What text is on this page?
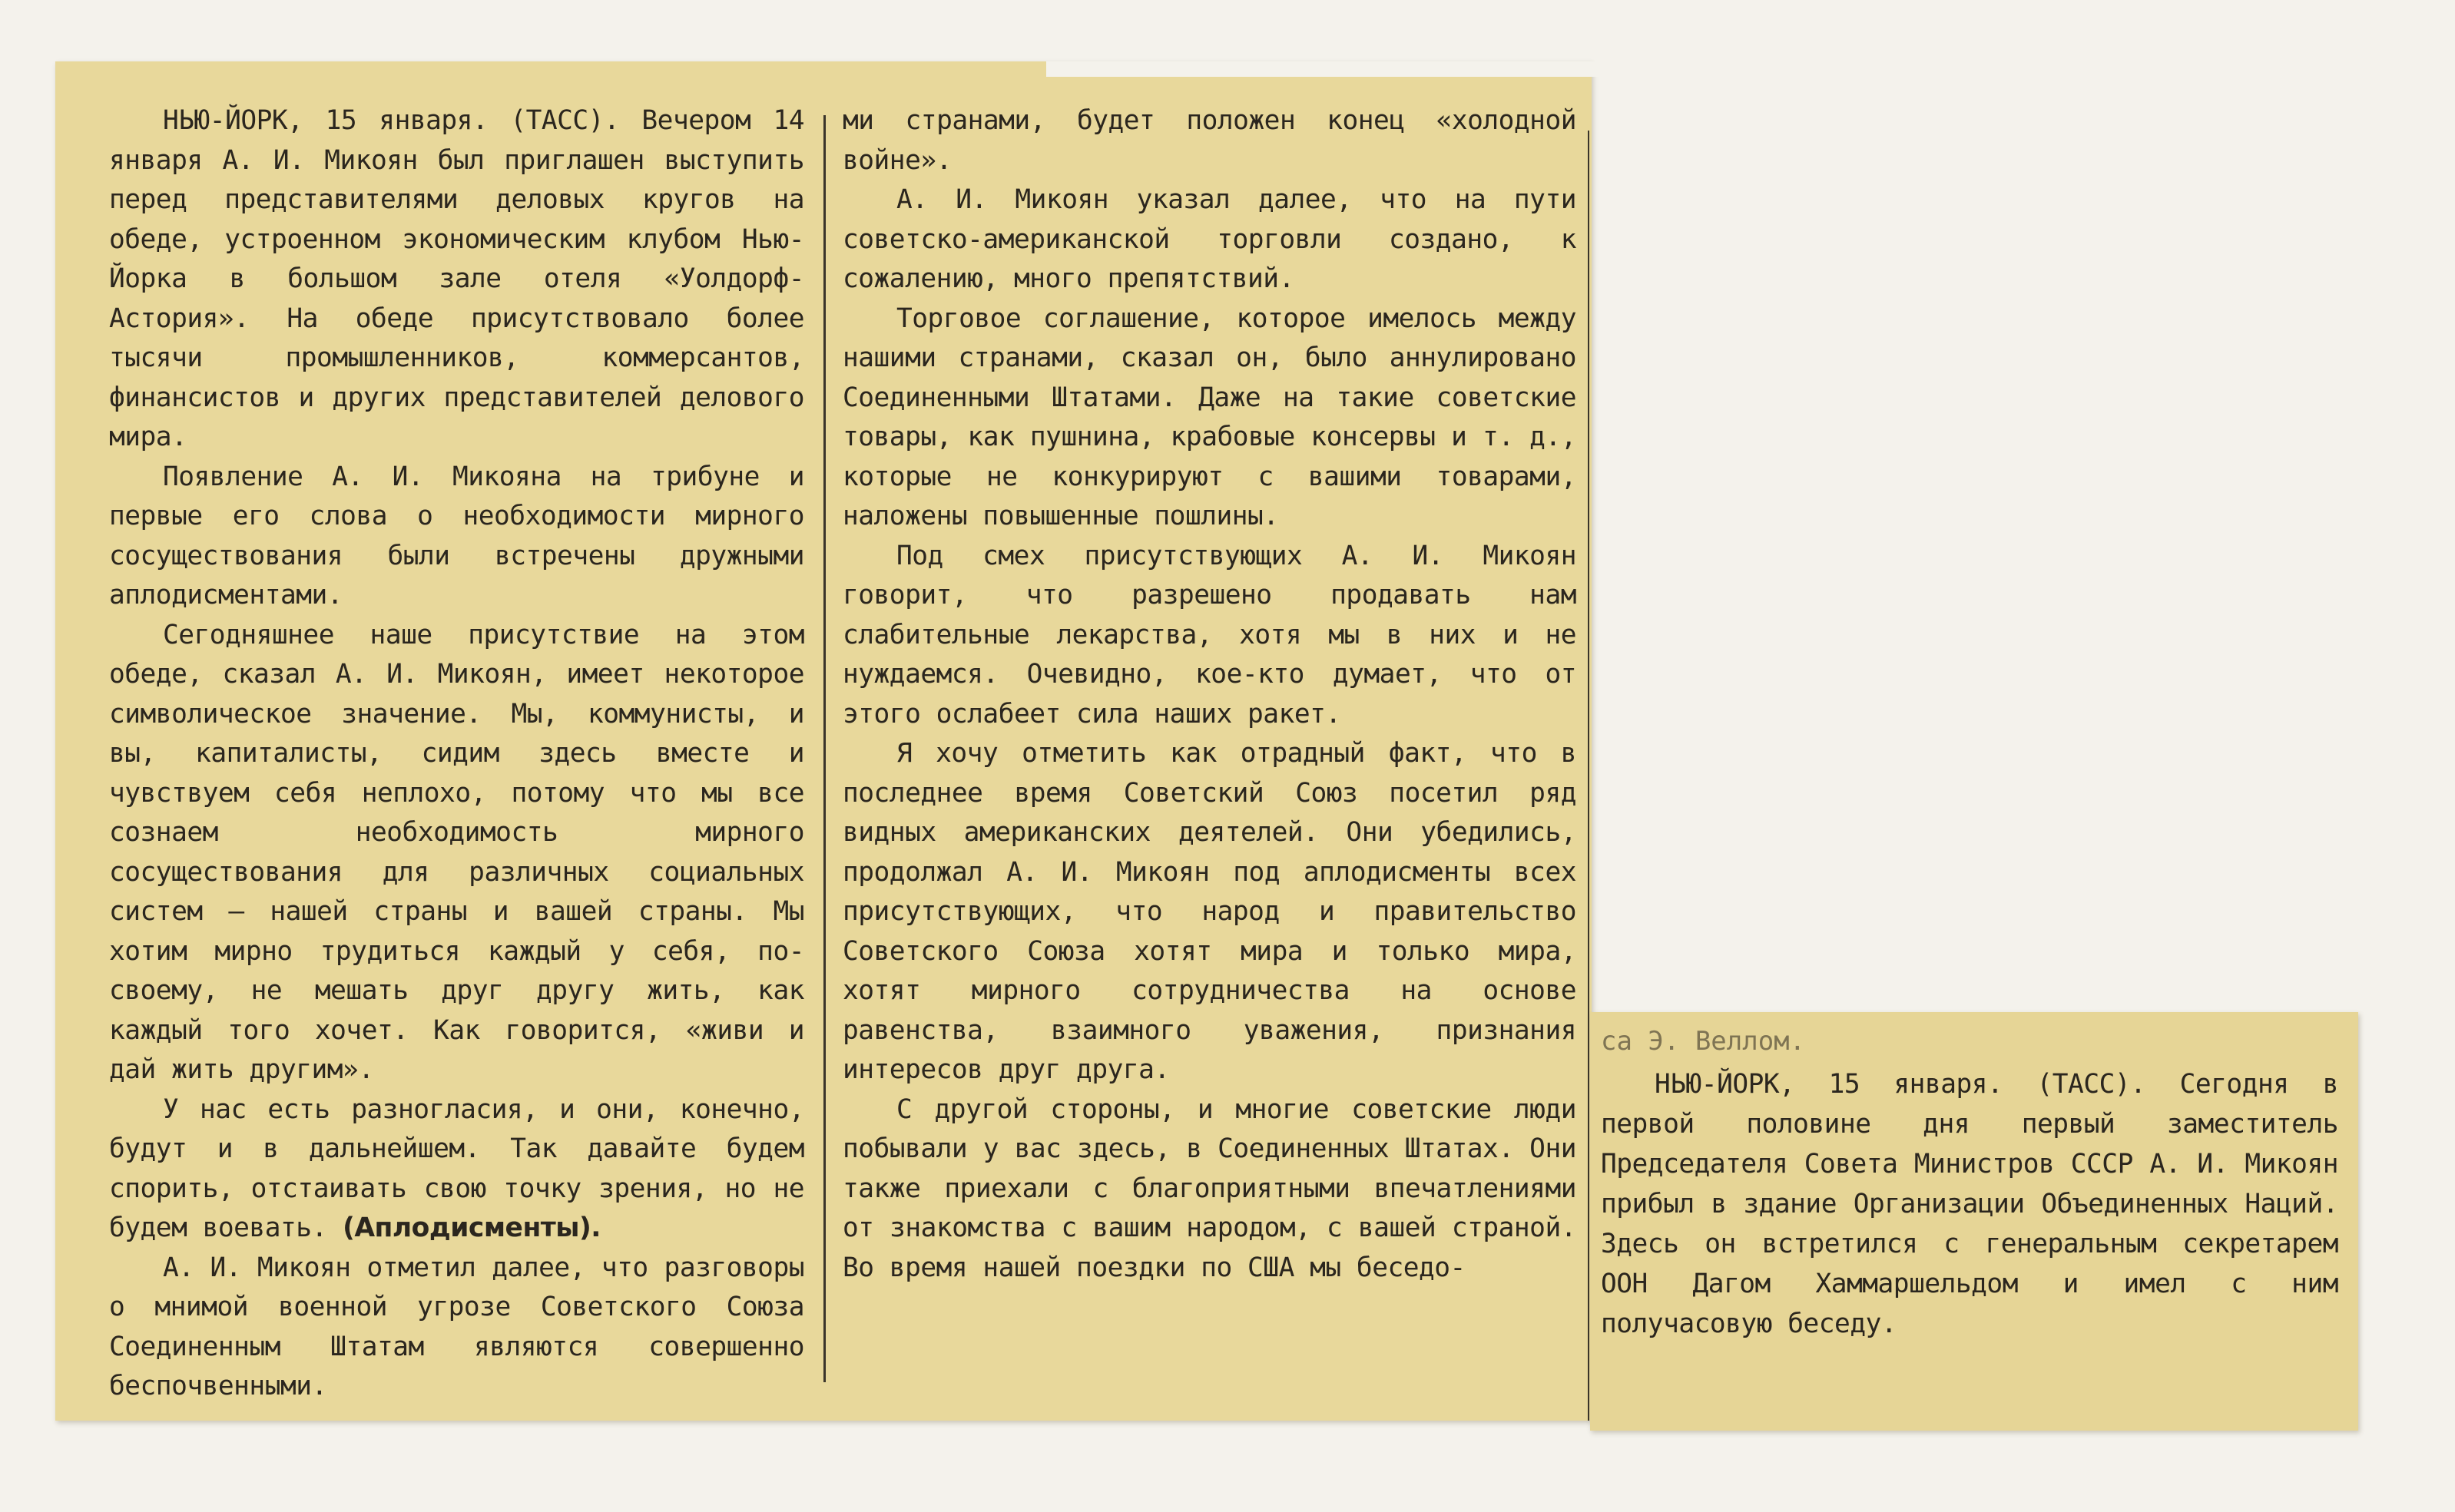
НЬЮ-ЙОРК, 15 января. (ТАСС). Вечером 14 января А. И. Микоян был приглашен выступить перед представителями деловых кругов на обеде, устроенном экономическим клубом Нью-Йорка в большом зале отеля «Уолдорф-Астория». На обеде присутствовало более тысячи промышленников, коммерсантов, финансистов и других представителей делового мира.

Появление А. И. Микояна на трибуне и первые его слова о необходимости мирного сосуществования были встречены дружными аплодисментами.

Сегодняшнее наше присутствие на этом обеде, сказал А. И. Микоян, имеет некоторое символическое значение. Мы, коммунисты, и вы, капиталисты, сидим здесь вместе и чувствуем себя неплохо, потому что мы все сознаем необходимость мирного сосуществования для различных социальных систем — нашей страны и вашей страны. Мы хотим мирно трудиться каждый у себя, по-своему, не мешать друг другу жить, как каждый того хочет. Как говорится, «живи и дай жить другим».

У нас есть разногласия, и они, конечно, будут и в дальнейшем. Так давайте будем спорить, отстаивать свою точку зрения, но не будем воевать. (Аплодисменты).

А. И. Микоян отметил далее, что разговоры о мнимой военной угрозе Советского Союза Соединенным Штатам являются совершенно беспочвенными.

ми странами, будет положен конец «холодной войне».

А. И. Микоян указал далее, что на пути советско-американской торговли создано, к сожалению, много препятствий.

Торговое соглашение, которое имелось между нашими странами, сказал он, было аннулировано Соединенными Штатами. Даже на такие советские товары, как пушнина, крабовые консервы и т. д., которые не конкурируют с вашими товарами, наложены повышенные пошлины.

Под смех присутствующих А. И. Микоян говорит, что разрешено продавать нам слабительные лекарства, хотя мы в них и не нуждаемся. Очевидно, кое-кто думает, что от этого ослабеет сила наших ракет.

Я хочу отметить как отрадный факт, что в последнее время Советский Союз посетил ряд видных американских деятелей. Они убедились, продолжал А. И. Микоян под аплодисменты всех присутствующих, что народ и правительство Советского Союза хотят мира и только мира, хотят мирного сотрудничества на основе равенства, взаимного уважения, признания интересов друг друга.

С другой стороны, и многие советские люди побывали у вас здесь, в Соединенных Штатах. Они также приехали с благоприятными впечатлениями от знакомства с вашим народом, с вашей страной. Во время нашей поездки по США мы беседо-

са Э. Веллом.

НЬЮ-ЙОРК, 15 января. (ТАСС). Сегодня в первой половине дня первый заместитель Председателя Совета Министров СССР А. И. Микоян прибыл в здание Организации Объединенных Наций. Здесь он встретился с генеральным секретарем ООН Дагом Хаммаршельдом и имел с ним получасовую беседу.
